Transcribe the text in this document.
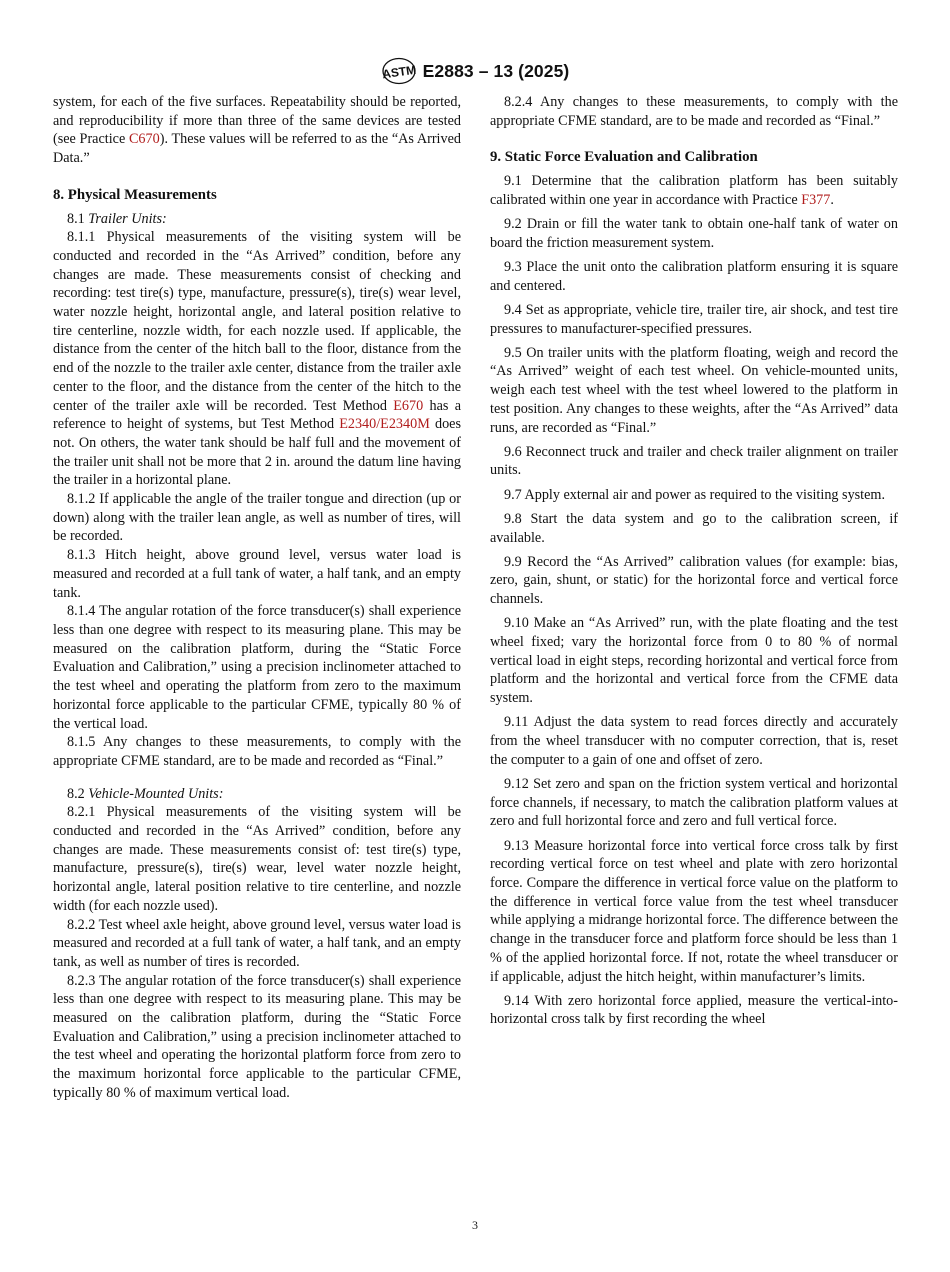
ASTM E2883 – 13 (2025)

system, for each of the five surfaces. Repeatability should be reported, and reproducibility if more than three of the same devices are tested (see Practice C670). These values will be referred to as the “As Arrived Data.”

8. Physical Measurements

8.1 Trailer Units:

8.1.1 Physical measurements of the visiting system will be conducted and recorded in the “As Arrived” condition, before any changes are made. These measurements consist of checking and recording: test tire(s) type, manufacture, pressure(s), tire(s) wear level, water nozzle height, horizontal angle, and lateral position relative to tire centerline, nozzle width, for each nozzle used. If applicable, the distance from the center of the hitch ball to the floor, distance from the end of the nozzle to the trailer axle center, distance from the trailer axle center to the floor, and the distance from the center of the hitch to the center of the trailer axle will be recorded. Test Method E670 has a reference to height of systems, but Test Method E2340/E2340M does not. On others, the water tank should be half full and the movement of the trailer unit shall not be more that 2 in. around the datum line having the trailer in a horizontal plane.

8.1.2 If applicable the angle of the trailer tongue and direction (up or down) along with the trailer lean angle, as well as number of tires, will be recorded.

8.1.3 Hitch height, above ground level, versus water load is measured and recorded at a full tank of water, a half tank, and an empty tank.

8.1.4 The angular rotation of the force transducer(s) shall experience less than one degree with respect to its measuring plane. This may be measured on the calibration platform, during the “Static Force Evaluation and Calibration,” using a precision inclinometer attached to the test wheel and operating the platform from zero to the maximum horizontal force applicable to the particular CFME, typically 80 % of the vertical load.

8.1.5 Any changes to these measurements, to comply with the appropriate CFME standard, are to be made and recorded as “Final.”

8.2 Vehicle-Mounted Units:

8.2.1 Physical measurements of the visiting system will be conducted and recorded in the “As Arrived” condition, before any changes are made. These measurements consist of: test tire(s) type, manufacture, pressure(s), tire(s) wear, level water nozzle height, horizontal angle, lateral position relative to tire centerline, and nozzle width (for each nozzle used).

8.2.2 Test wheel axle height, above ground level, versus water load is measured and recorded at a full tank of water, a half tank, and an empty tank, as well as number of tires is recorded.

8.2.3 The angular rotation of the force transducer(s) shall experience less than one degree with respect to its measuring plane. This may be measured on the calibration platform, during the “Static Force Evaluation and Calibration,” using a precision inclinometer attached to the test wheel and operating the horizontal platform force from zero to the maximum horizontal force applicable to the particular CFME, typically 80 % of maximum vertical load.

8.2.4 Any changes to these measurements, to comply with the appropriate CFME standard, are to be made and recorded as “Final.”

9. Static Force Evaluation and Calibration

9.1 Determine that the calibration platform has been suitably calibrated within one year in accordance with Practice F377.

9.2 Drain or fill the water tank to obtain one-half tank of water on board the friction measurement system.

9.3 Place the unit onto the calibration platform ensuring it is square and centered.

9.4 Set as appropriate, vehicle tire, trailer tire, air shock, and test tire pressures to manufacturer-specified pressures.

9.5 On trailer units with the platform floating, weigh and record the “As Arrived” weight of each test wheel. On vehicle-mounted units, weigh each test wheel with the test wheel lowered to the platform in test position. Any changes to these weights, after the “As Arrived” data runs, are recorded as “Final.”

9.6 Reconnect truck and trailer and check trailer alignment on trailer units.

9.7 Apply external air and power as required to the visiting system.

9.8 Start the data system and go to the calibration screen, if available.

9.9 Record the “As Arrived” calibration values (for example: bias, zero, gain, shunt, or static) for the horizontal force and vertical force channels.

9.10 Make an “As Arrived” run, with the plate floating and the test wheel fixed; vary the horizontal force from 0 to 80 % of normal vertical load in eight steps, recording horizontal and vertical force from platform and the horizontal and vertical force from the CFME data system.

9.11 Adjust the data system to read forces directly and accurately from the wheel transducer with no computer correction, that is, reset the computer to a gain of one and offset of zero.

9.12 Set zero and span on the friction system vertical and horizontal force channels, if necessary, to match the calibration platform values at zero and full horizontal force and zero and full vertical force.

9.13 Measure horizontal force into vertical force cross talk by first recording vertical force on test wheel and plate with zero horizontal force. Compare the difference in vertical force value on the platform to the difference in vertical force value from the test wheel transducer while applying a midrange horizontal force. The difference between the change in the transducer force and platform force should be less than 1 % of the applied horizontal force. If not, rotate the wheel transducer or if applicable, adjust the hitch height, within manufacturer’s limits.

9.14 With zero horizontal force applied, measure the vertical-into-horizontal cross talk by first recording the wheel

3
